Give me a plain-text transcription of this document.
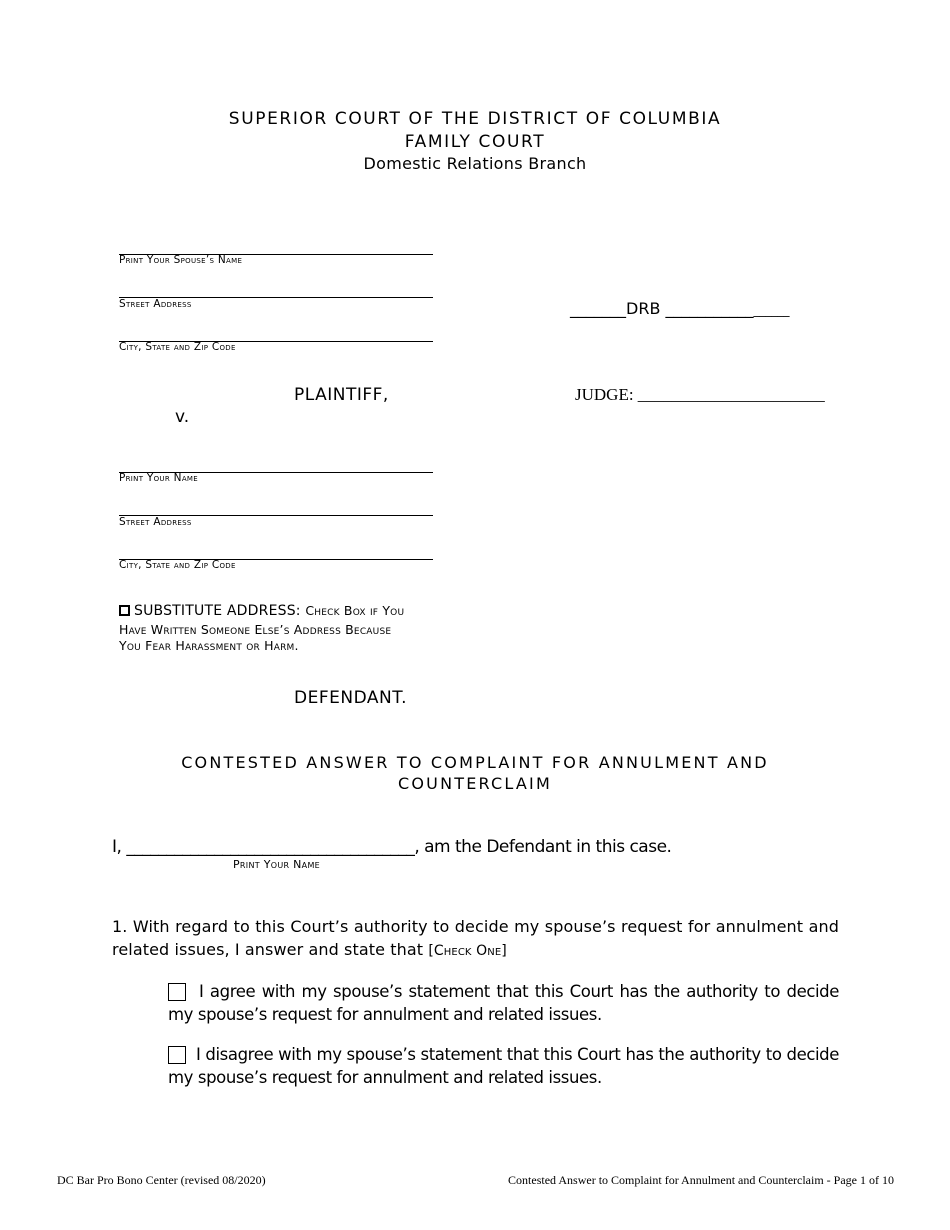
SUPERIOR COURT OF THE DISTRICT OF COLUMBIA
FAMILY COURT
Domestic Relations Branch
Print Your Spouse’s Name
Street Address
City, State and Zip Code
_______DRB _________________
JUDGE: ______________________
PLAINTIFF,
v.
Print Your Name
Street Address
City, State and Zip Code
SUBSTITUTE ADDRESS: Check Box if You
Have Written Someone Else’s Address Because
You Fear Harassment or Harm.
DEFENDANT.
CONTESTED ANSWER TO COMPLAINT FOR ANNULMENT AND
COUNTERCLAIM
I, ____________________________________, am the Defendant in this case.
Print Your Name
1. With regard to this Court’s authority to decide my spouse’s request for annulment and related issues, I answer and state that [Check One]
I agree with my spouse’s statement that this Court has the authority to decide my spouse’s request for annulment and related issues.
I disagree with my spouse’s statement that this Court has the authority to decide my spouse’s request for annulment and related issues.
DC Bar Pro Bono Center (revised 08/2020)	Contested Answer to Complaint for Annulment and Counterclaim - Page 1 of 10
